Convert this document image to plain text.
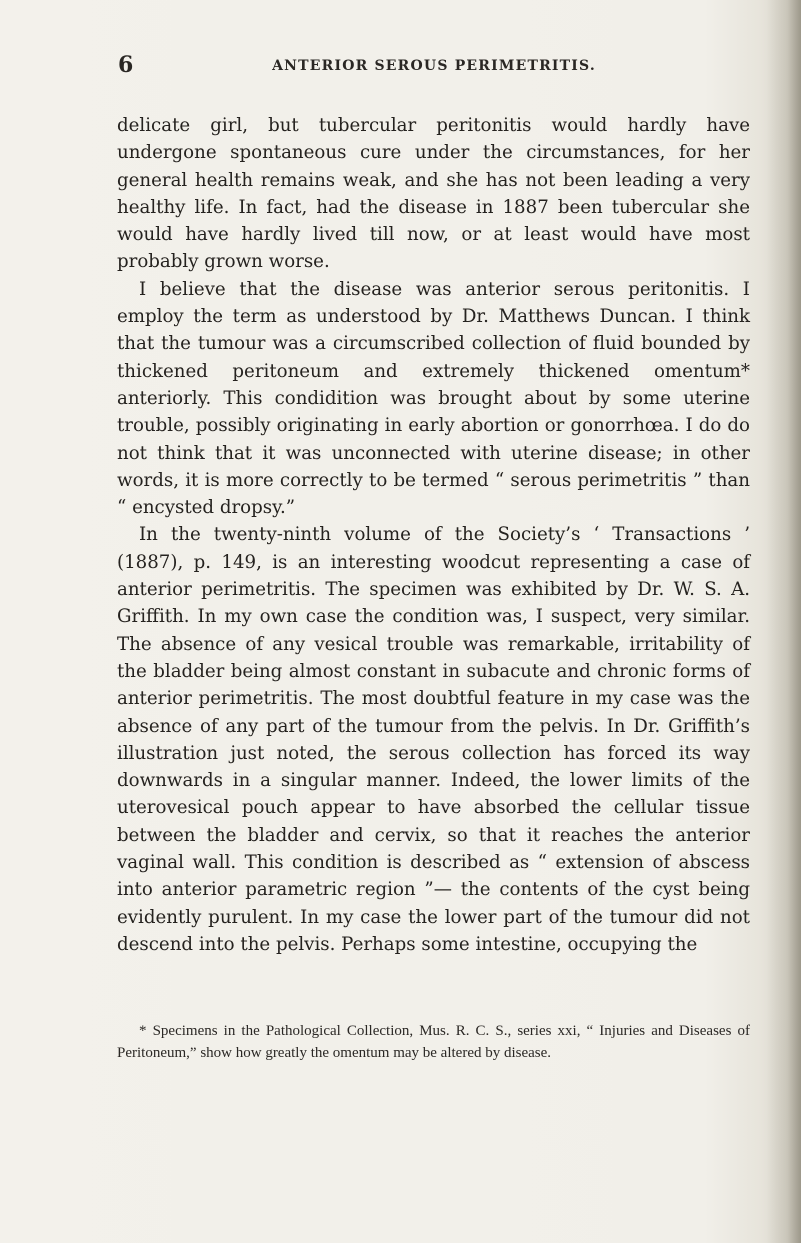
6	ANTERIOR SEROUS PERIMETRITIS.

delicate girl, but tubercular peritonitis would hardly have undergone spontaneous cure under the circumstances, for her general health remains weak, and she has not been leading a very healthy life. In fact, had the disease in 1887 been tubercular she would have hardly lived till now, or at least would have most probably grown worse.

I believe that the disease was anterior serous peritonitis. I employ the term as understood by Dr. Matthews Duncan. I think that the tumour was a circumscribed collection of fluid bounded by thickened peritoneum and extremely thickened omentum* anteriorly. This condidition was brought about by some uterine trouble, possibly originating in early abortion or gonorrhœa. I do do not think that it was unconnected with uterine disease; in other words, it is more correctly to be termed “ serous perimetritis ” than “ encysted dropsy.”

In the twenty-ninth volume of the Society’s ‘ Transactions ’ (1887), p. 149, is an interesting woodcut representing a case of anterior perimetritis. The specimen was exhibited by Dr. W. S. A. Griffith. In my own case the condition was, I suspect, very similar. The absence of any vesical trouble was remarkable, irritability of the bladder being almost constant in subacute and chronic forms of anterior perimetritis. The most doubtful feature in my case was the absence of any part of the tumour from the pelvis. In Dr. Griffith’s illustration just noted, the serous collection has forced its way downwards in a singular manner. Indeed, the lower limits of the uterovesical pouch appear to have absorbed the cellular tissue between the bladder and cervix, so that it reaches the anterior vaginal wall. This condition is described as “ extension of abscess into anterior parametric region ”— the contents of the cyst being evidently purulent. In my case the lower part of the tumour did not descend into the pelvis. Perhaps some intestine, occupying the

* Specimens in the Pathological Collection, Mus. R. C. S., series xxi, “ Injuries and Diseases of Peritoneum,” show how greatly the omentum may be altered by disease.
